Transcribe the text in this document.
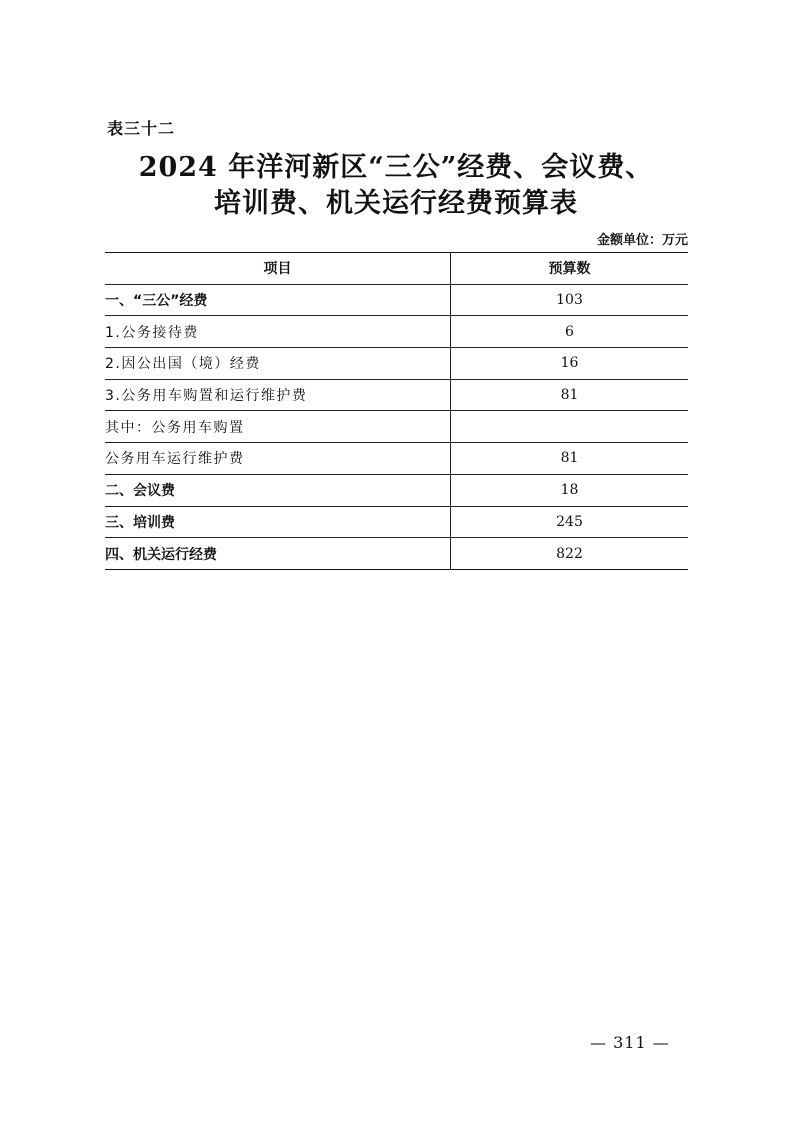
表三十二
2024 年洋河新区“三公”经费、会议费、
培训费、机关运行经费预算表
金额单位：万元
项目	预算数
一、“三公”经费	103
1.公务接待费	6
2.因公出国（境）经费	16
3.公务用车购置和运行维护费	81
其中：公务用车购置	
公务用车运行维护费	81
二、会议费	18
三、培训费	245
四、机关运行经费	822
— 311 —
